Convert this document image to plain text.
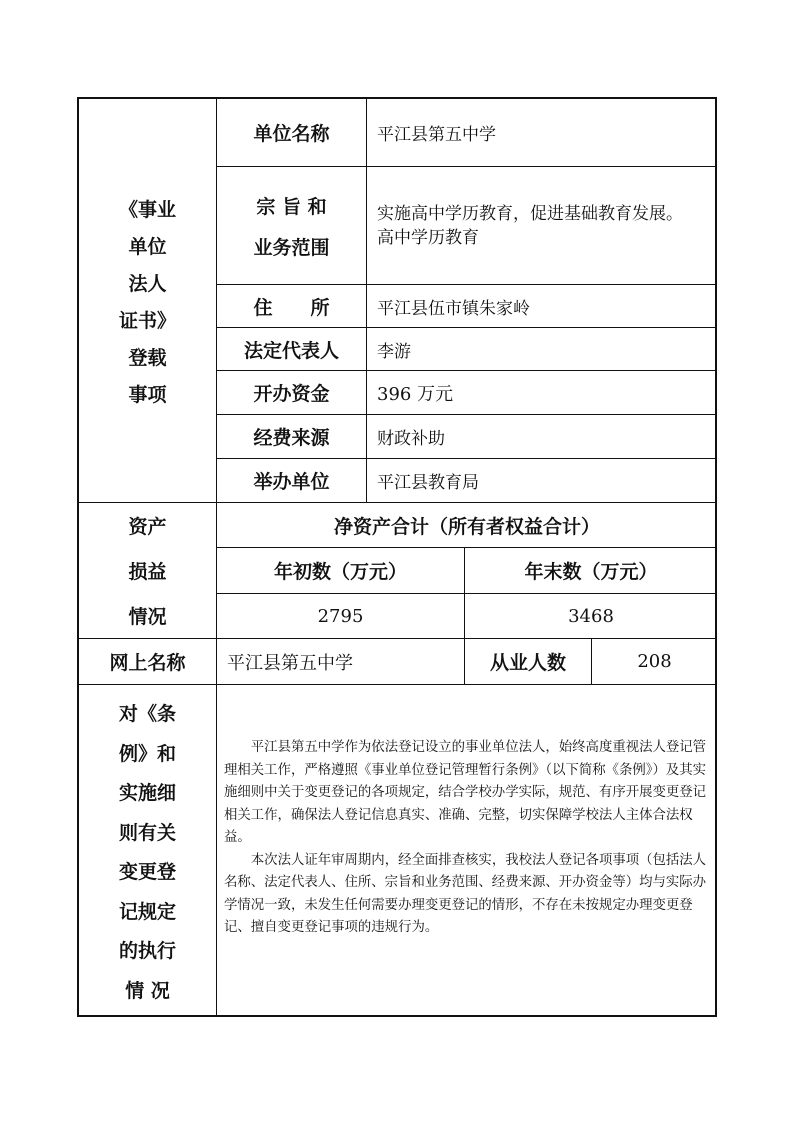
《事业
单位
法人
证书》
登载
事项
单位名称	平江县第五中学
宗 旨 和
业务范围
实施高中学历教育，促进基础教育发展。
高中学历教育
住　　所	平江县伍市镇朱家岭
法定代表人	李游
开办资金	396 万元
经费来源	财政补助
举办单位	平江县教育局
资产
损益
情况
净资产合计（所有者权益合计）
年初数（万元）	年末数（万元）
2795	3468
网上名称	平江县第五中学	从业人数	208
对《条
例》和
实施细
则有关
变更登
记规定
的执行
情 况

平江县第五中学作为依法登记设立的事业单位法人，始终高度重视法人登记管理相关工作，严格遵照《事业单位登记管理暂行条例》（以下简称《条例》）及其实施细则中关于变更登记的各项规定，结合学校办学实际，规范、有序开展变更登记相关工作，确保法人登记信息真实、准确、完整，切实保障学校法人主体合法权益。

本次法人证年审周期内，经全面排查核实，我校法人登记各项事项（包括法人名称、法定代表人、住所、宗旨和业务范围、经费来源、开办资金等）均与实际办学情况一致，未发生任何需要办理变更登记的情形，不存在未按规定办理变更登记、擅自变更登记事项的违规行为。
